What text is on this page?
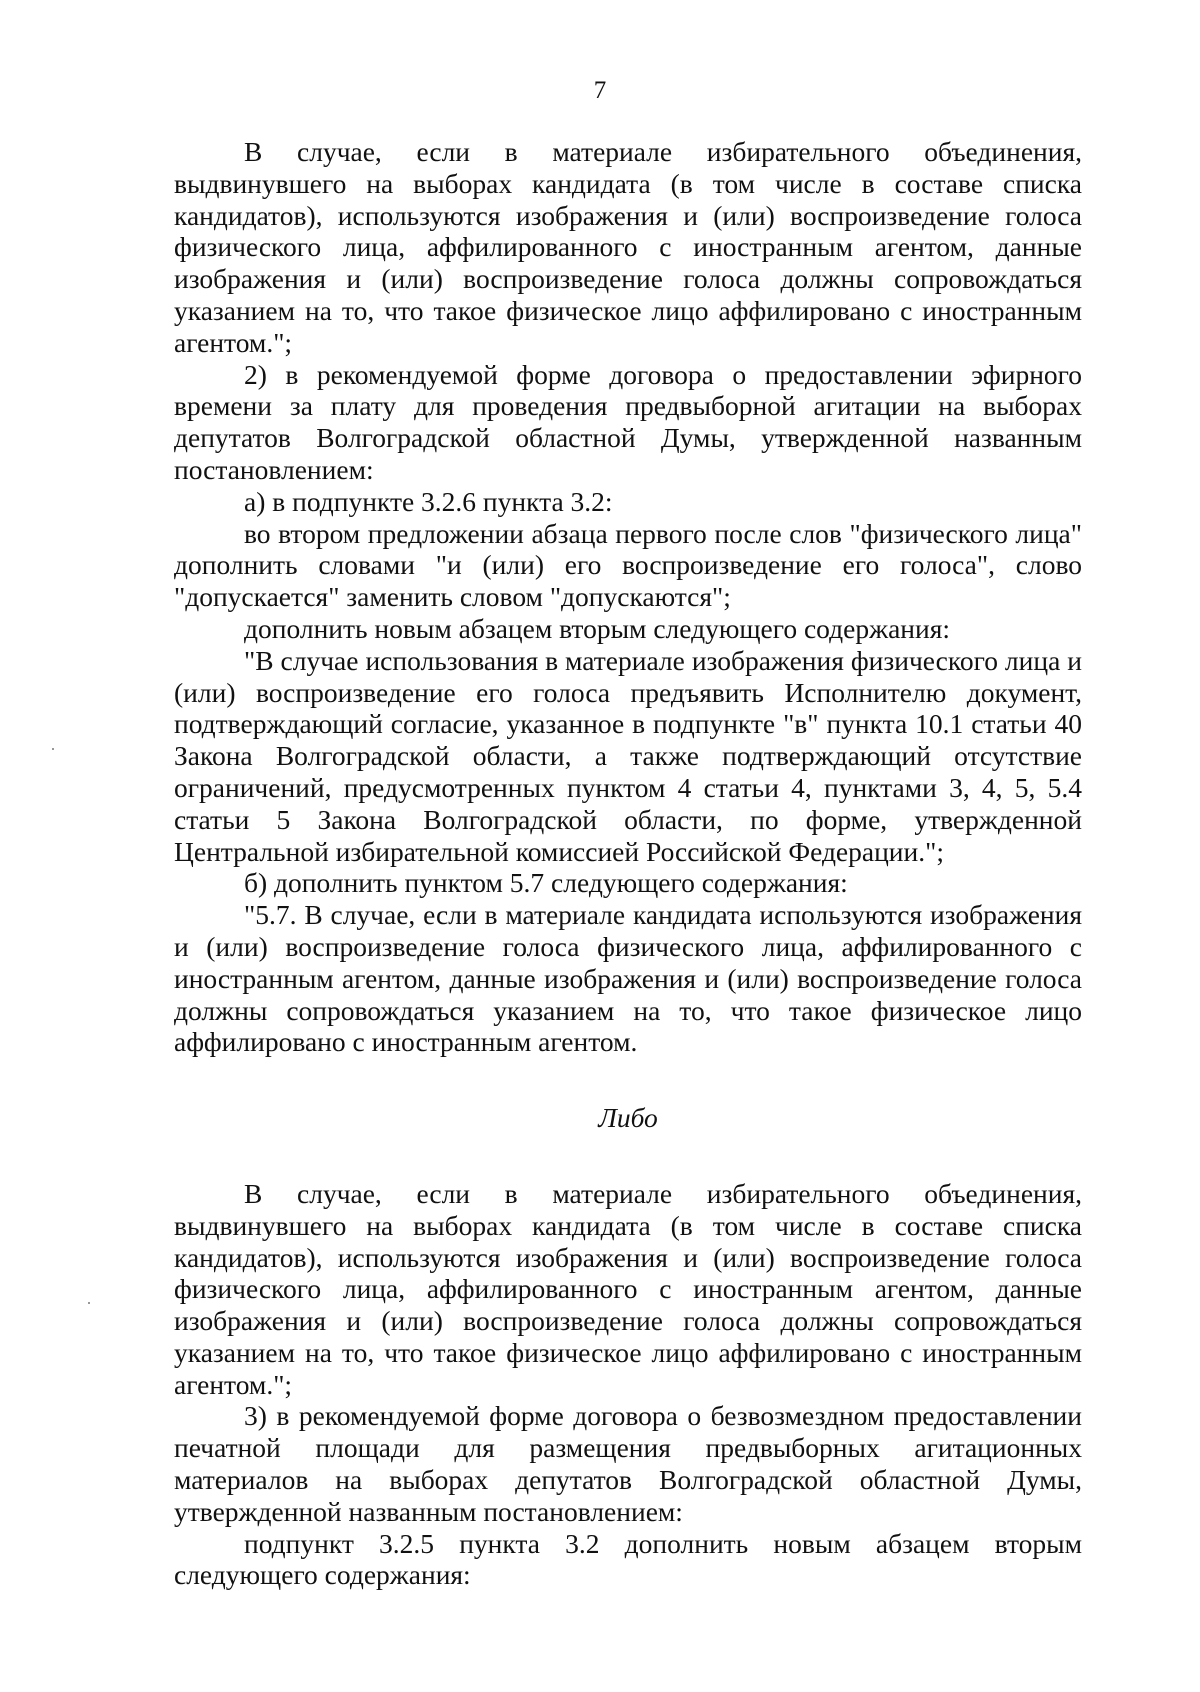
7

В случае, если в материале избирательного объединения, выдвинувшего на выборах кандидата (в том числе в составе списка кандидатов), используются изображения и (или) воспроизведение голоса физического лица, аффилированного с иностранным агентом, данные изображения и (или) воспроизведение голоса должны сопровождаться указанием на то, что такое физическое лицо аффилировано с иностранным агентом.";

2) в рекомендуемой форме договора о предоставлении эфирного времени за плату для проведения предвыборной агитации на выборах депутатов Волгоградской областной Думы, утвержденной названным постановлением:

а) в подпункте 3.2.6 пункта 3.2:

во втором предложении абзаца первого после слов "физического лица" дополнить словами "и (или) его воспроизведение его голоса", слово "допускается" заменить словом "допускаются";

дополнить новым абзацем вторым следующего содержания:

"В случае использования в материале изображения физического лица и (или) воспроизведение его голоса предъявить Исполнителю документ, подтверждающий согласие, указанное в подпункте "в" пункта 10.1 статьи 40 Закона Волгоградской области, а также подтверждающий отсутствие ограничений, предусмотренных пунктом 4 статьи 4, пунктами 3, 4, 5, 5.4 статьи 5 Закона Волгоградской области, по форме, утвержденной Центральной избирательной комиссией Российской Федерации.";

б) дополнить пунктом 5.7 следующего содержания:

"5.7. В случае, если в материале кандидата используются изображения и (или) воспроизведение голоса физического лица, аффилированного с иностранным агентом, данные изображения и (или) воспроизведение голоса должны сопровождаться указанием на то, что такое физическое лицо аффилировано с иностранным агентом.

Либо

В случае, если в материале избирательного объединения, выдвинувшего на выборах кандидата (в том числе в составе списка кандидатов), используются изображения и (или) воспроизведение голоса физического лица, аффилированного с иностранным агентом, данные изображения и (или) воспроизведение голоса должны сопровождаться указанием на то, что такое физическое лицо аффилировано с иностранным агентом.";

3) в рекомендуемой форме договора о безвозмездном предоставлении печатной площади для размещения предвыборных агитационных материалов на выборах депутатов Волгоградской областной Думы, утвержденной названным постановлением:

подпункт 3.2.5 пункта 3.2 дополнить новым абзацем вторым следующего содержания:
